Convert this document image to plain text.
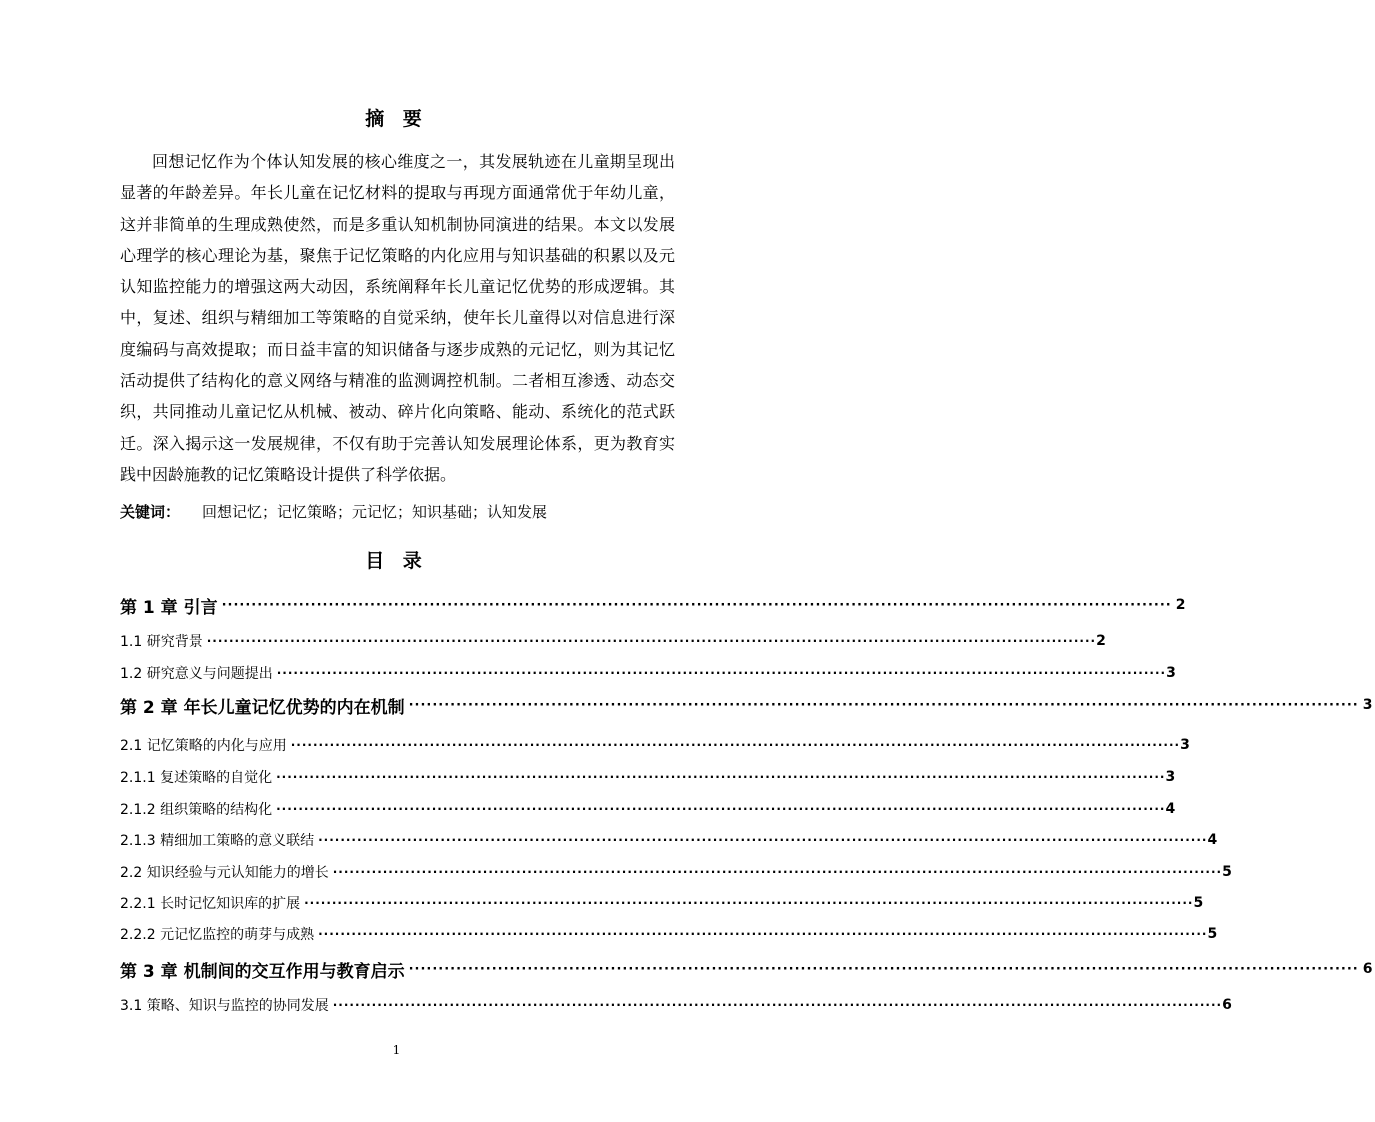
摘 要

回想记忆作为个体认知发展的核心维度之一，其发展轨迹在儿童期呈现出显著的年龄差异。年长儿童在记忆材料的提取与再现方面通常优于年幼儿童，这并非简单的生理成熟使然，而是多重认知机制协同演进的结果。本文以发展心理学的核心理论为基，聚焦于记忆策略的内化应用与知识基础的积累以及元认知监控能力的增强这两大动因，系统阐释年长儿童记忆优势的形成逻辑。其中，复述、组织与精细加工等策略的自觉采纳，使年长儿童得以对信息进行深度编码与高效提取；而日益丰富的知识储备与逐步成熟的元记忆，则为其记忆活动提供了结构化的意义网络与精准的监测调控机制。二者相互渗透、动态交织，共同推动儿童记忆从机械、被动、碎片化向策略、能动、系统化的范式跃迁。深入揭示这一发展规律，不仅有助于完善认知发展理论体系，更为教育实践中因龄施教的记忆策略设计提供了科学依据。

关键词： 回想记忆；记忆策略；元记忆；知识基础；认知发展
目 录
第 1 章 引言 ································································································································································ 2
1.1 研究背景 ································································································································································ 2
1.2 研究意义与问题提出 ································································································································································ 3
第 2 章 年长儿童记忆优势的内在机制 ································································································································································ 3
2.1 记忆策略的内化与应用 ································································································································································ 3
2.1.1 复述策略的自觉化 ································································································································································ 3
2.1.2 组织策略的结构化 ································································································································································ 4
2.1.3 精细加工策略的意义联结 ································································································································································ 4
2.2 知识经验与元认知能力的增长 ································································································································································ 5
2.2.1 长时记忆知识库的扩展 ································································································································································ 5
2.2.2 元记忆监控的萌芽与成熟 ································································································································································ 5
第 3 章 机制间的交互作用与教育启示 ································································································································································ 6
3.1 策略、知识与监控的协同发展 ································································································································································ 6
1
